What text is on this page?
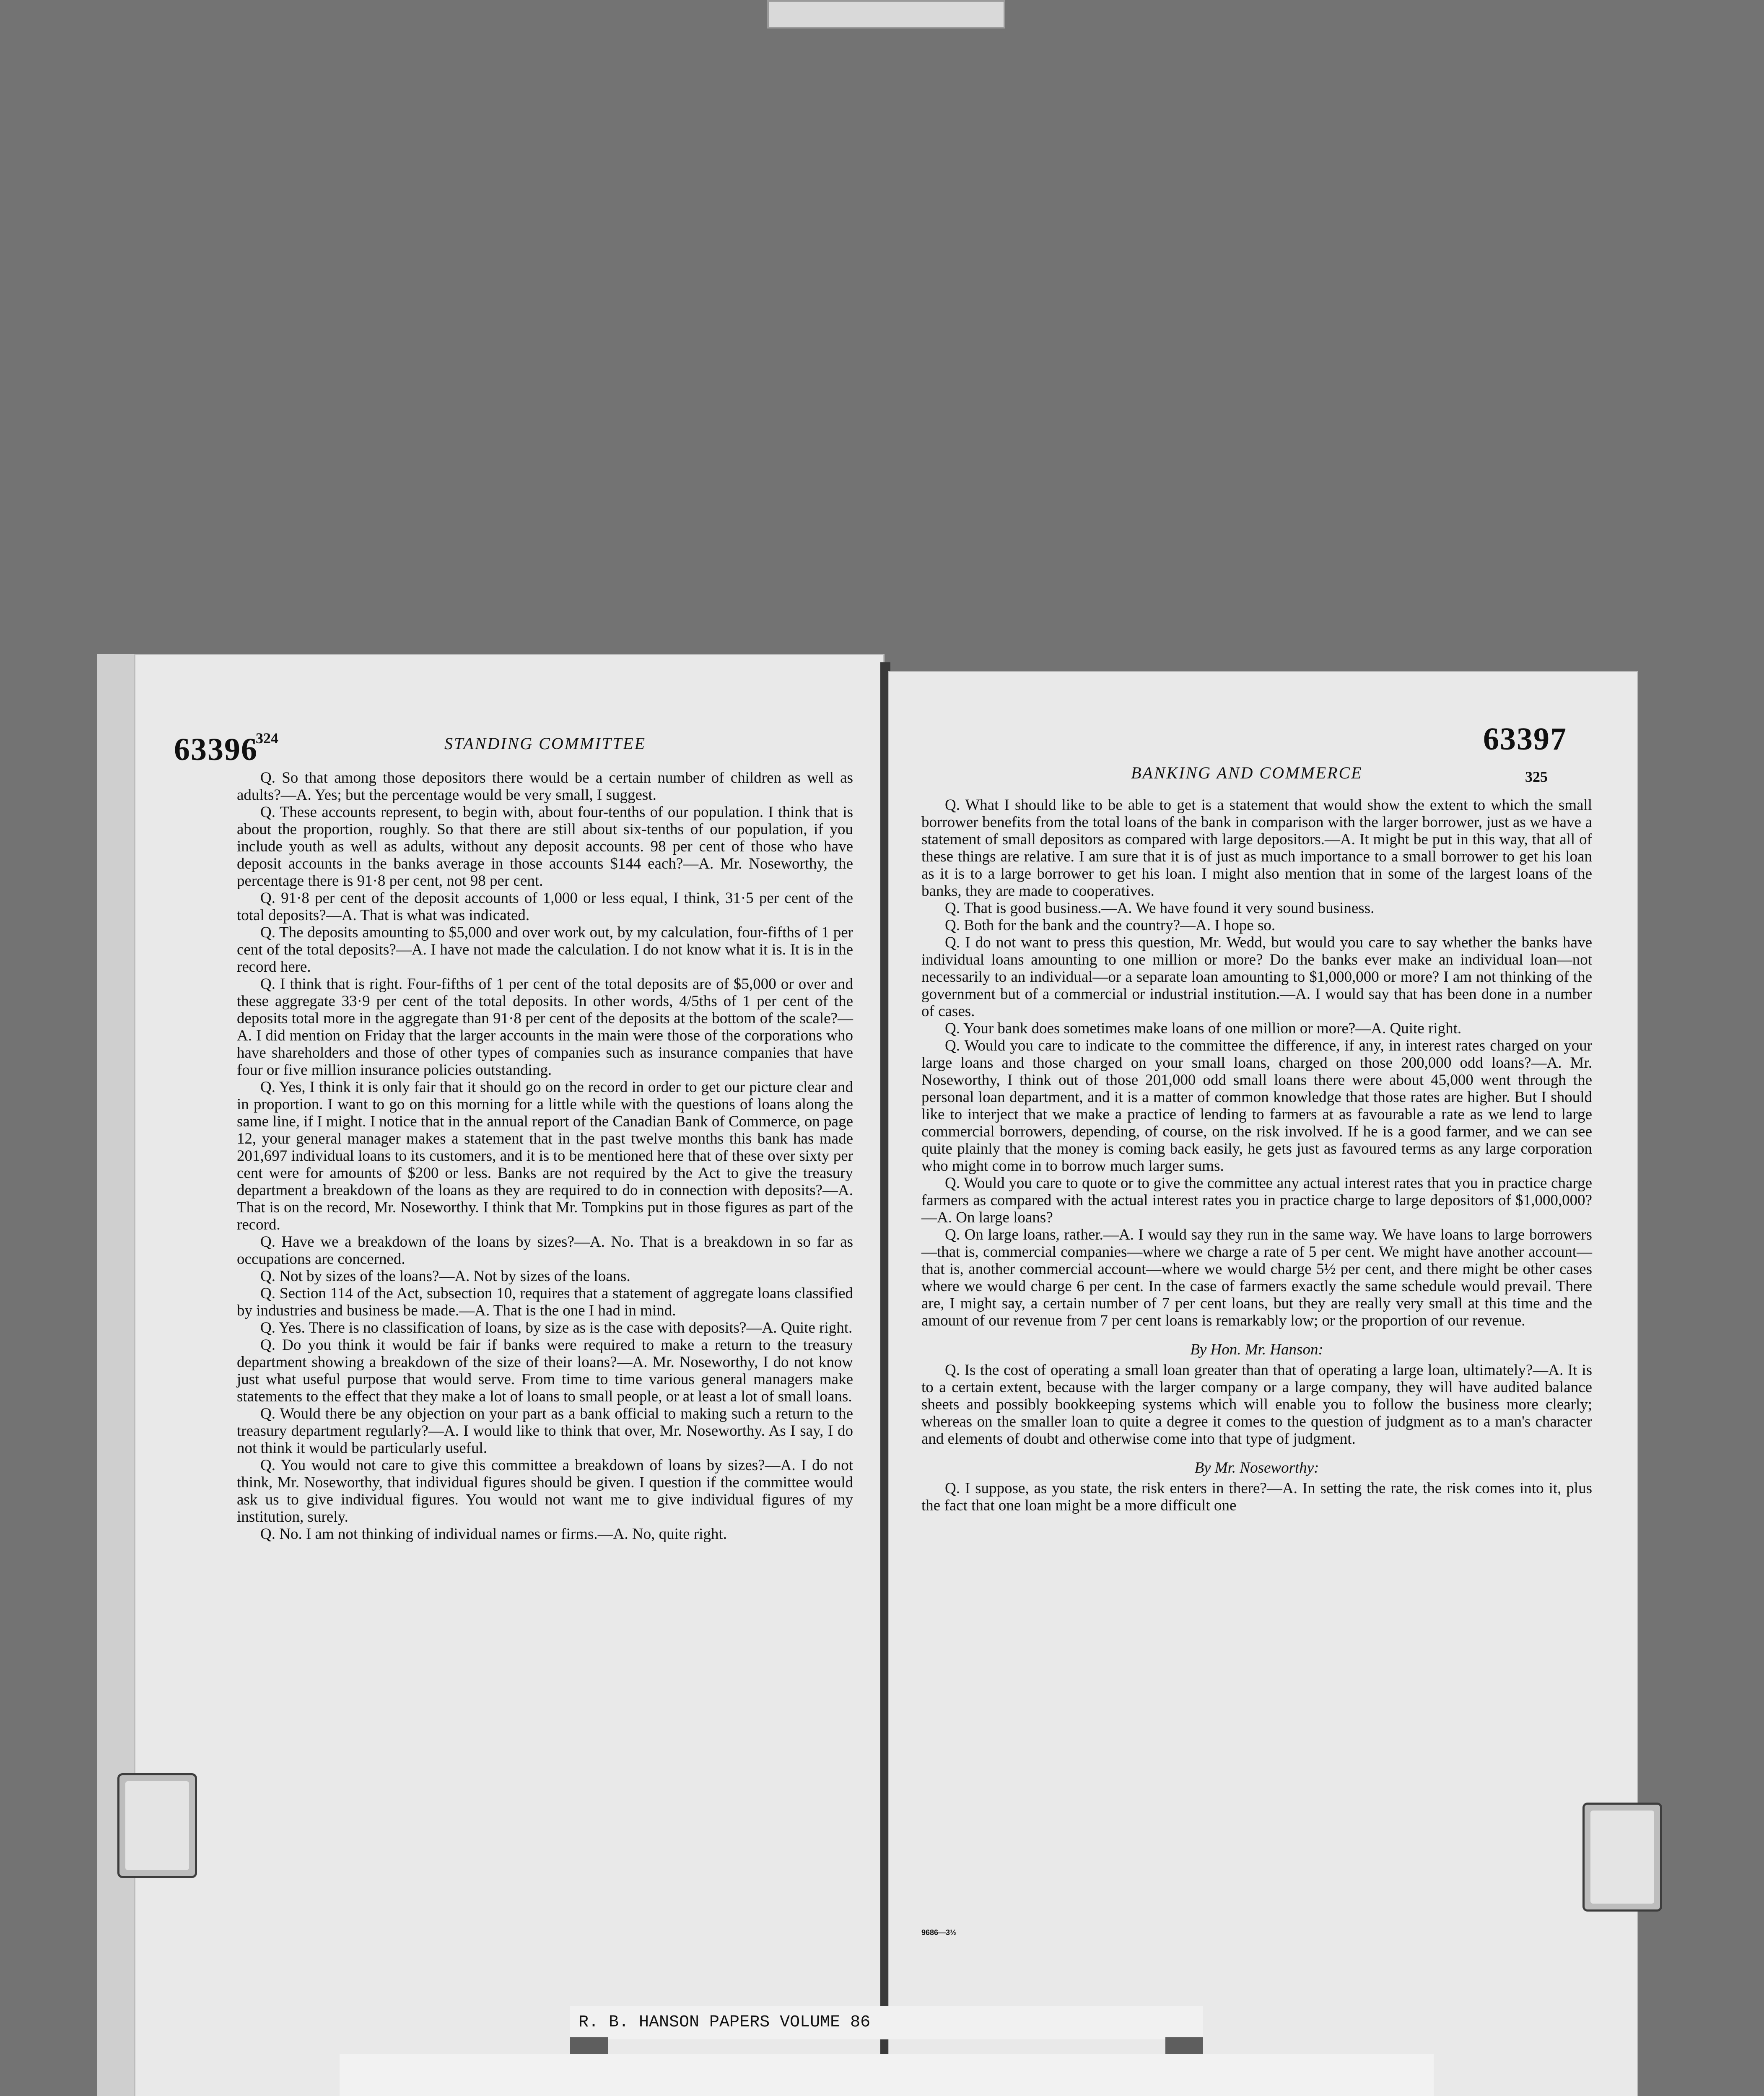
63396
324	STANDING COMMITTEE

Q. So that among those depositors there would be a certain number of children as well as adults?—A. Yes; but the percentage would be very small, I suggest.

Q. These accounts represent, to begin with, about four-tenths of our population. I think that is about the proportion, roughly. So that there are still about six-tenths of our population, if you include youth as well as adults, without any deposit accounts. 98 per cent of those who have deposit accounts in the banks average in those accounts $144 each?—A. Mr. Noseworthy, the percentage there is 91·8 per cent, not 98 per cent.

Q. 91·8 per cent of the deposit accounts of 1,000 or less equal, I think, 31·5 per cent of the total deposits?—A. That is what was indicated.

Q. The deposits amounting to $5,000 and over work out, by my calculation, four-fifths of 1 per cent of the total deposits?—A. I have not made the calculation. I do not know what it is. It is in the record here.

Q. I think that is right. Four-fifths of 1 per cent of the total deposits are of $5,000 or over and these aggregate 33·9 per cent of the total deposits. In other words, 4/5ths of 1 per cent of the deposits total more in the aggregate than 91·8 per cent of the deposits at the bottom of the scale?—A. I did mention on Friday that the larger accounts in the main were those of the corporations who have shareholders and those of other types of companies such as insurance companies that have four or five million insurance policies outstanding.

Q. Yes, I think it is only fair that it should go on the record in order to get our picture clear and in proportion. I want to go on this morning for a little while with the questions of loans along the same line, if I might. I notice that in the annual report of the Canadian Bank of Commerce, on page 12, your general manager makes a statement that in the past twelve months this bank has made 201,697 individual loans to its customers, and it is to be mentioned here that of these over sixty per cent were for amounts of $200 or less. Banks are not required by the Act to give the treasury department a breakdown of the loans as they are required to do in connection with deposits?—A. That is on the record, Mr. Noseworthy. I think that Mr. Tompkins put in those figures as part of the record.

Q. Have we a breakdown of the loans by sizes?—A. No. That is a breakdown in so far as occupations are concerned.

Q. Not by sizes of the loans?—A. Not by sizes of the loans.

Q. Section 114 of the Act, subsection 10, requires that a statement of aggregate loans classified by industries and business be made.—A. That is the one I had in mind.

Q. Yes. There is no classification of loans, by size as is the case with deposits?—A. Quite right.

Q. Do you think it would be fair if banks were required to make a return to the treasury department showing a breakdown of the size of their loans?—A. Mr. Noseworthy, I do not know just what useful purpose that would serve. From time to time various general managers make statements to the effect that they make a lot of loans to small people, or at least a lot of small loans.

Q. Would there be any objection on your part as a bank official to making such a return to the treasury department regularly?—A. I would like to think that over, Mr. Noseworthy. As I say, I do not think it would be particularly useful.

Q. You would not care to give this committee a breakdown of loans by sizes?—A. I do not think, Mr. Noseworthy, that individual figures should be given. I question if the committee would ask us to give individual figures. You would not want me to give individual figures of my institution, surely.

Q. No. I am not thinking of individual names or firms.—A. No, quite right.

63397
325
BANKING AND COMMERCE

Q. What I should like to be able to get is a statement that would show the extent to which the small borrower benefits from the total loans of the bank in comparison with the larger borrower, just as we have a statement of small depositors as compared with large depositors.—A. It might be put in this way, that all of these things are relative. I am sure that it is of just as much importance to a small borrower to get his loan as it is to a large borrower to get his loan. I might also mention that in some of the largest loans of the banks, they are made to cooperatives.

Q. That is good business.—A. We have found it very sound business.

Q. Both for the bank and the country?—A. I hope so.

Q. I do not want to press this question, Mr. Wedd, but would you care to say whether the banks have individual loans amounting to one million or more? Do the banks ever make an individual loan—not necessarily to an individual—or a separate loan amounting to $1,000,000 or more? I am not thinking of the government but of a commercial or industrial institution.—A. I would say that has been done in a number of cases.

Q. Your bank does sometimes make loans of one million or more?—A. Quite right.

Q. Would you care to indicate to the committee the difference, if any, in interest rates charged on your large loans and those charged on your small loans, charged on those 200,000 odd loans?—A. Mr. Noseworthy, I think out of those 201,000 odd small loans there were about 45,000 went through the personal loan department, and it is a matter of common knowledge that those rates are higher. But I should like to interject that we make a practice of lending to farmers at as favourable a rate as we lend to large commercial borrowers, depending, of course, on the risk involved. If he is a good farmer, and we can see quite plainly that the money is coming back easily, he gets just as favoured terms as any large corporation who might come in to borrow much larger sums.

Q. Would you care to quote or to give the committee any actual interest rates that you in practice charge farmers as compared with the actual interest rates you in practice charge to large depositors of $1,000,000?—A. On large loans?

Q. On large loans, rather.—A. I would say they run in the same way. We have loans to large borrowers—that is, commercial companies—where we charge a rate of 5 per cent. We might have another account—that is, another commercial account—where we would charge 5½ per cent, and there might be other cases where we would charge 6 per cent. In the case of farmers exactly the same schedule would prevail. There are, I might say, a certain number of 7 per cent loans, but they are really very small at this time and the amount of our revenue from 7 per cent loans is remarkably low; or the proportion of our revenue.

By Hon. Mr. Hanson:

Q. Is the cost of operating a small loan greater than that of operating a large loan, ultimately?—A. It is to a certain extent, because with the larger company or a large company, they will have audited balance sheets and possibly bookkeeping systems which will enable you to follow the business more clearly; whereas on the smaller loan to quite a degree it comes to the question of judgment as to a man's character and elements of doubt and otherwise come into that type of judgment.

By Mr. Noseworthy:

Q. I suppose, as you state, the risk enters in there?—A. In setting the rate, the risk comes into it, plus the fact that one loan might be a more difficult one

9686—3½
R. B. HANSON PAPERS VOLUME 86
